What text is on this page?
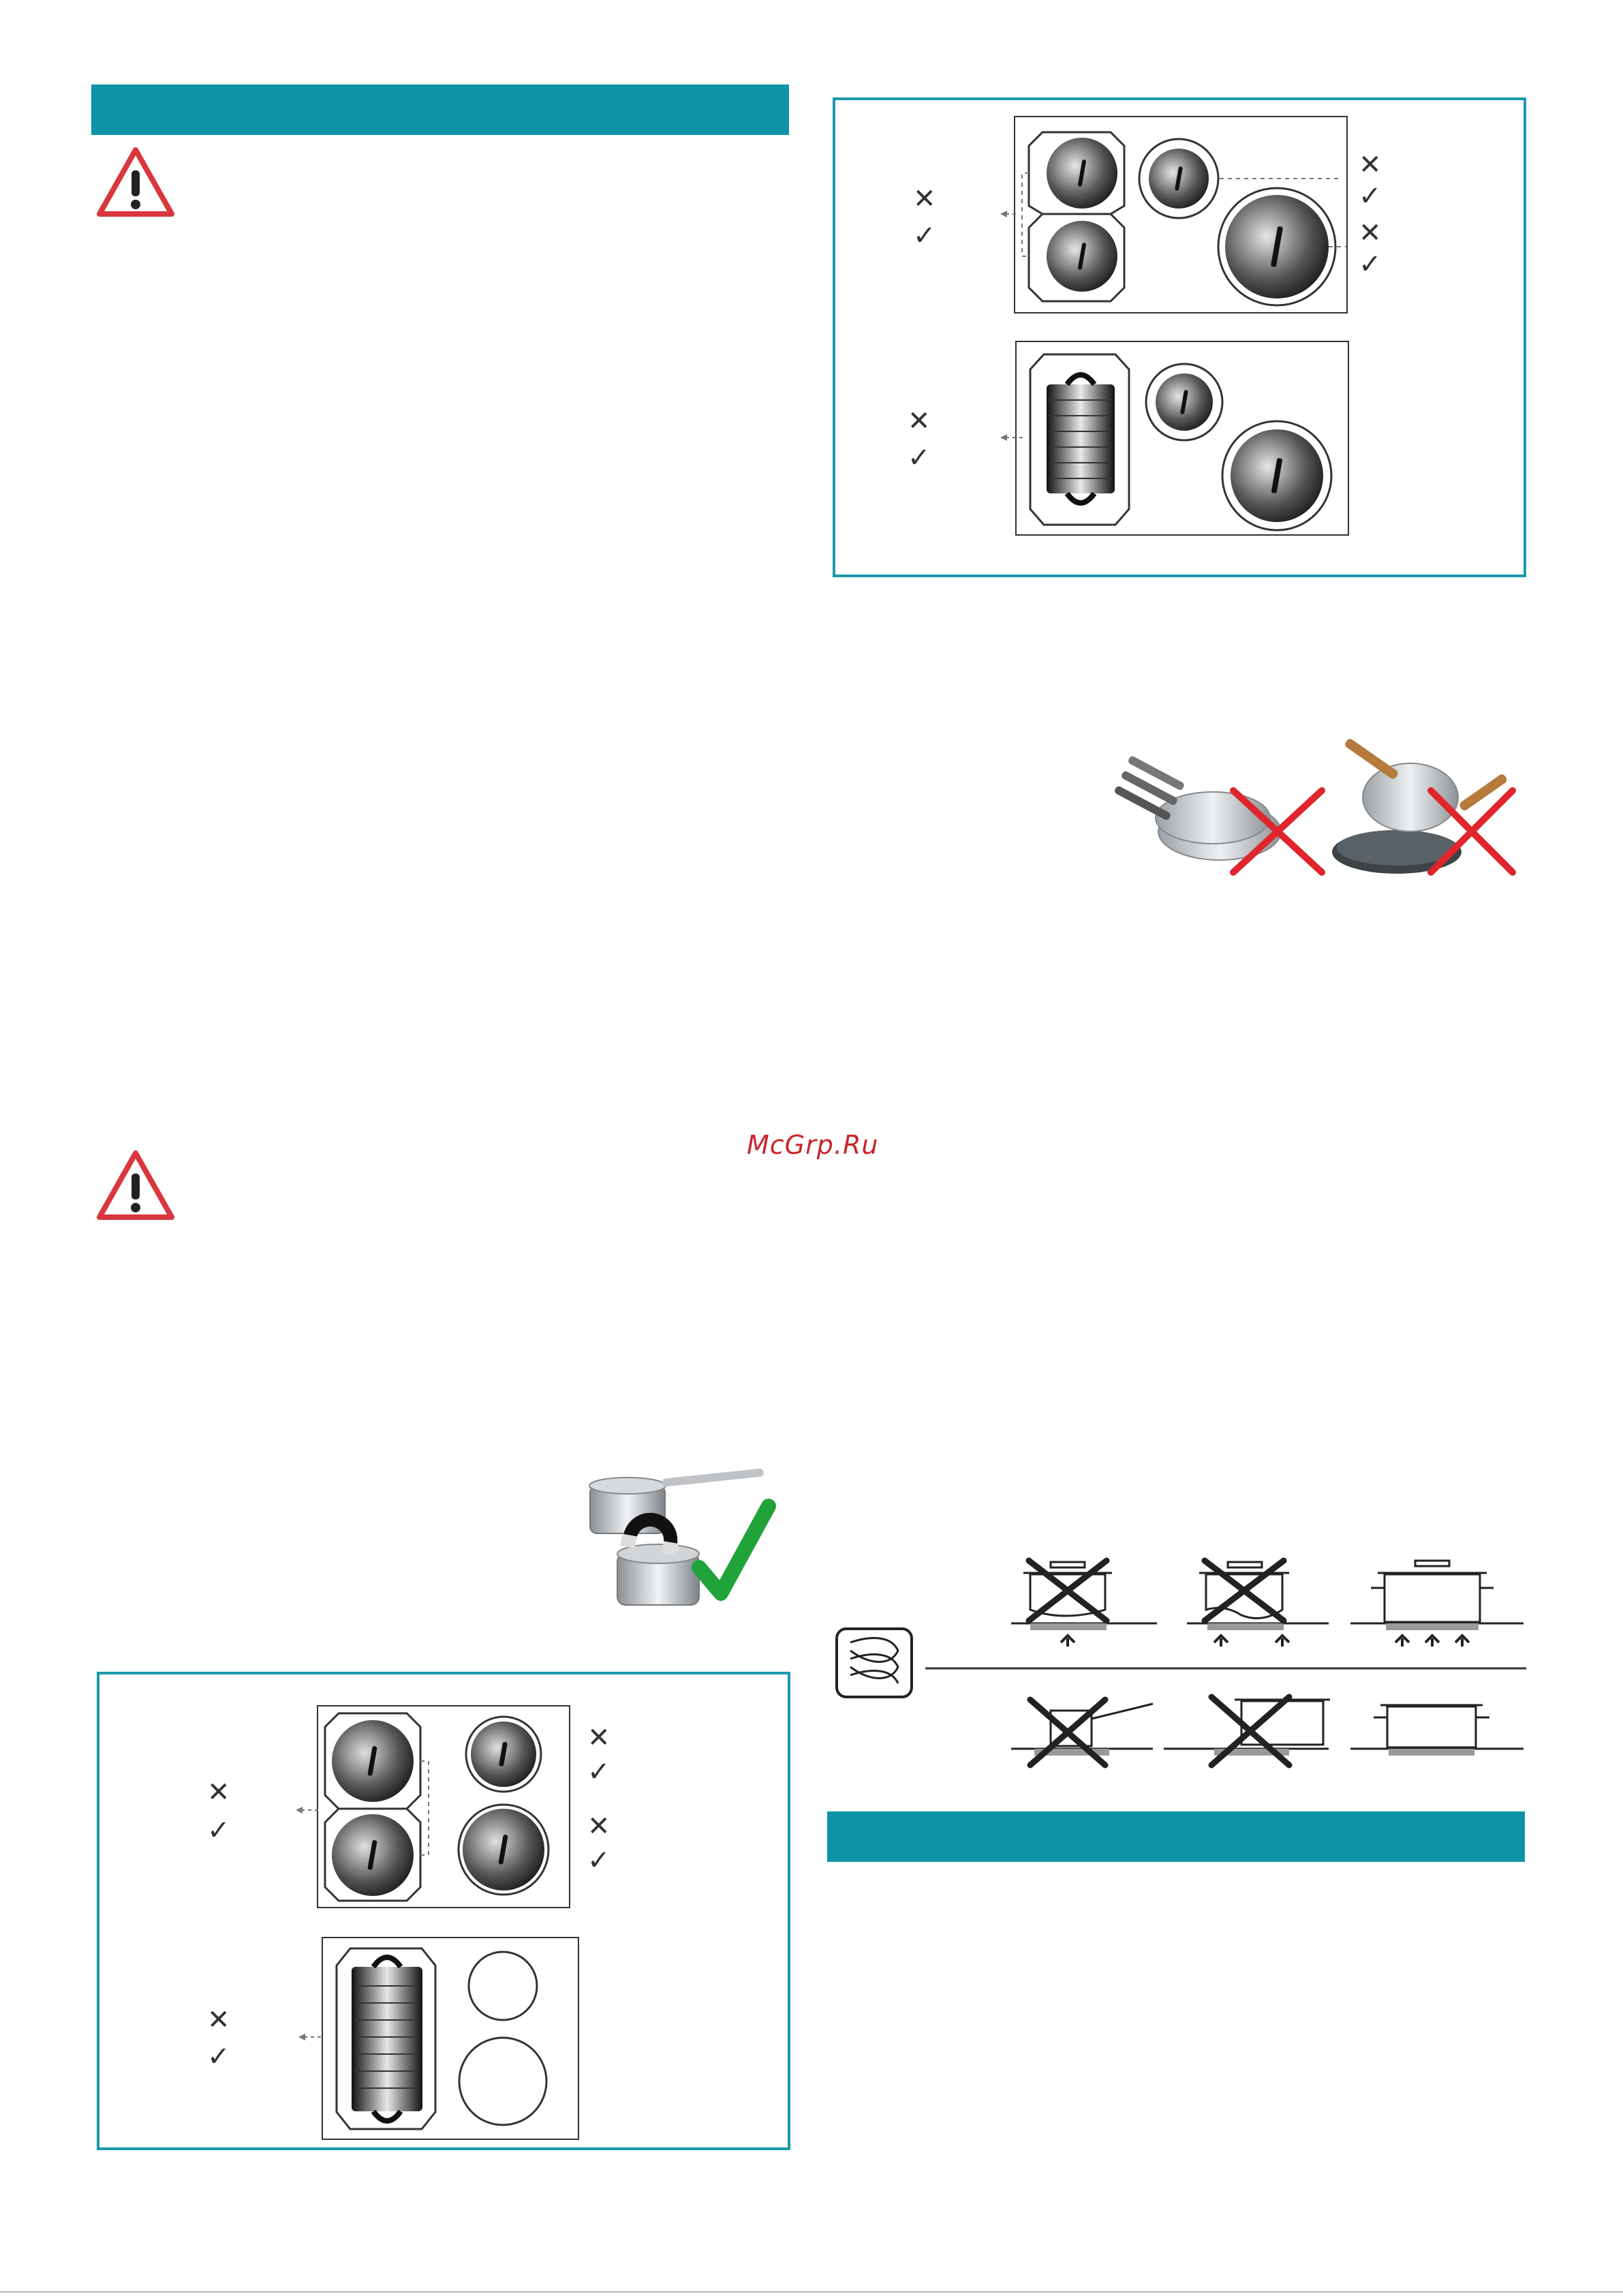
✕
✓
✕
✓
✕
✓
✕
✓
✕
✓
✕
✓
✕
✓
✕
✓
McGrp.Ru
